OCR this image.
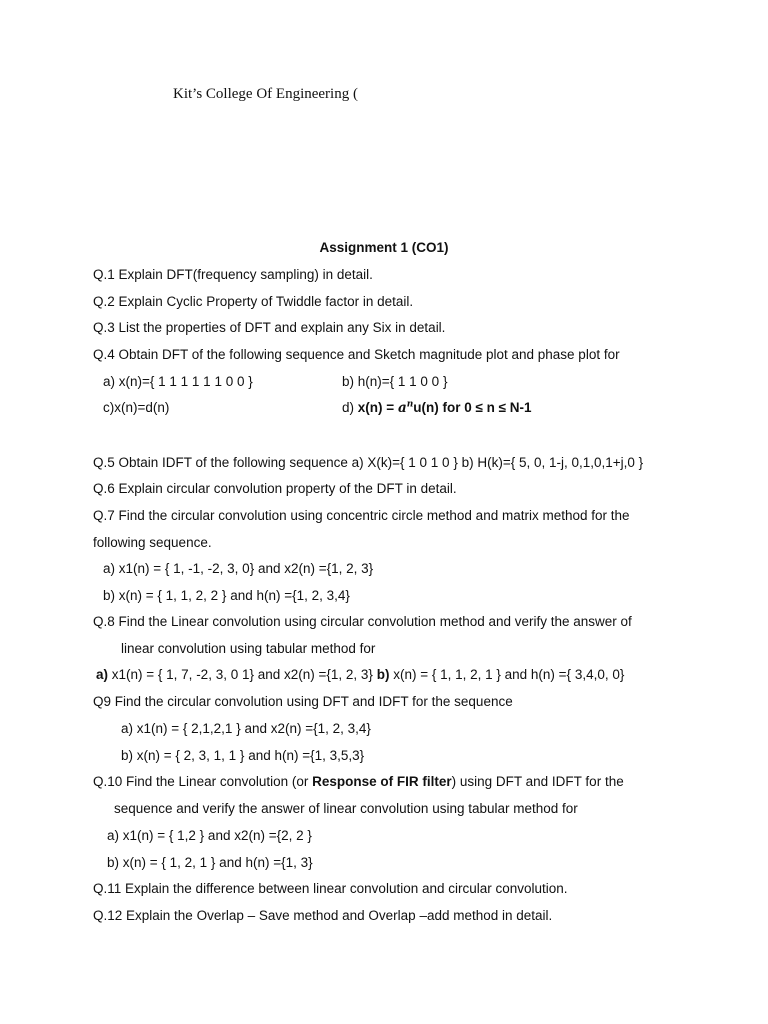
Kit’s College Of Engineering (
Assignment 1 (CO1)
Q.1 Explain DFT(frequency sampling) in detail.
Q.2 Explain Cyclic Property of Twiddle factor in detail.
Q.3 List the properties of DFT and explain any Six in detail.
Q.4 Obtain DFT of the following sequence and Sketch magnitude plot and phase plot for
a) x(n)={ 1 1 1 1 1 1 0 0 }	b) h(n)={ 1 1 0 0 }
c)x(n)=d(n)	d) $x(n) = a^nu(n)$ for 0 ≤ n ≤ N-1
Q.5 Obtain IDFT of the following sequence a) X(k)={ 1 0 1 0 } b) H(k)={ 5, 0, 1-j, 0,1,0,1+j,0 }
Q.6 Explain circular convolution property of the DFT in detail.
Q.7 Find the circular convolution using concentric circle method and matrix method for the
following sequence.
a) x1(n) = { 1, -1, -2, 3, 0} and x2(n) ={1, 2, 3}
b) x(n) = { 1, 1, 2, 2 } and h(n) ={1, 2, 3,4}
Q.8 Find the Linear convolution using circular convolution method and verify the answer of
linear convolution using tabular method for
a) x1(n) = { 1, 7, -2, 3, 0 1} and x2(n) ={1, 2, 3} b) x(n) = { 1, 1, 2, 1 } and h(n) ={ 3,4,0, 0}
Q9 Find the circular convolution using DFT and IDFT for the sequence
a) x1(n) = { 2,1,2,1 } and x2(n) ={1, 2, 3,4}
b) x(n) = { 2, 3, 1, 1 } and h(n) ={1, 3,5,3}
Q.10 Find the Linear convolution (or Response of FIR filter) using DFT and IDFT for the
sequence and verify the answer of linear convolution using tabular method for
a) x1(n) = { 1,2 } and x2(n) ={2, 2 }
b) x(n) = { 1, 2, 1 } and h(n) ={1, 3}
Q.11 Explain the difference between linear convolution and circular convolution.
Q.12 Explain the Overlap – Save method and Overlap –add method in detail.
